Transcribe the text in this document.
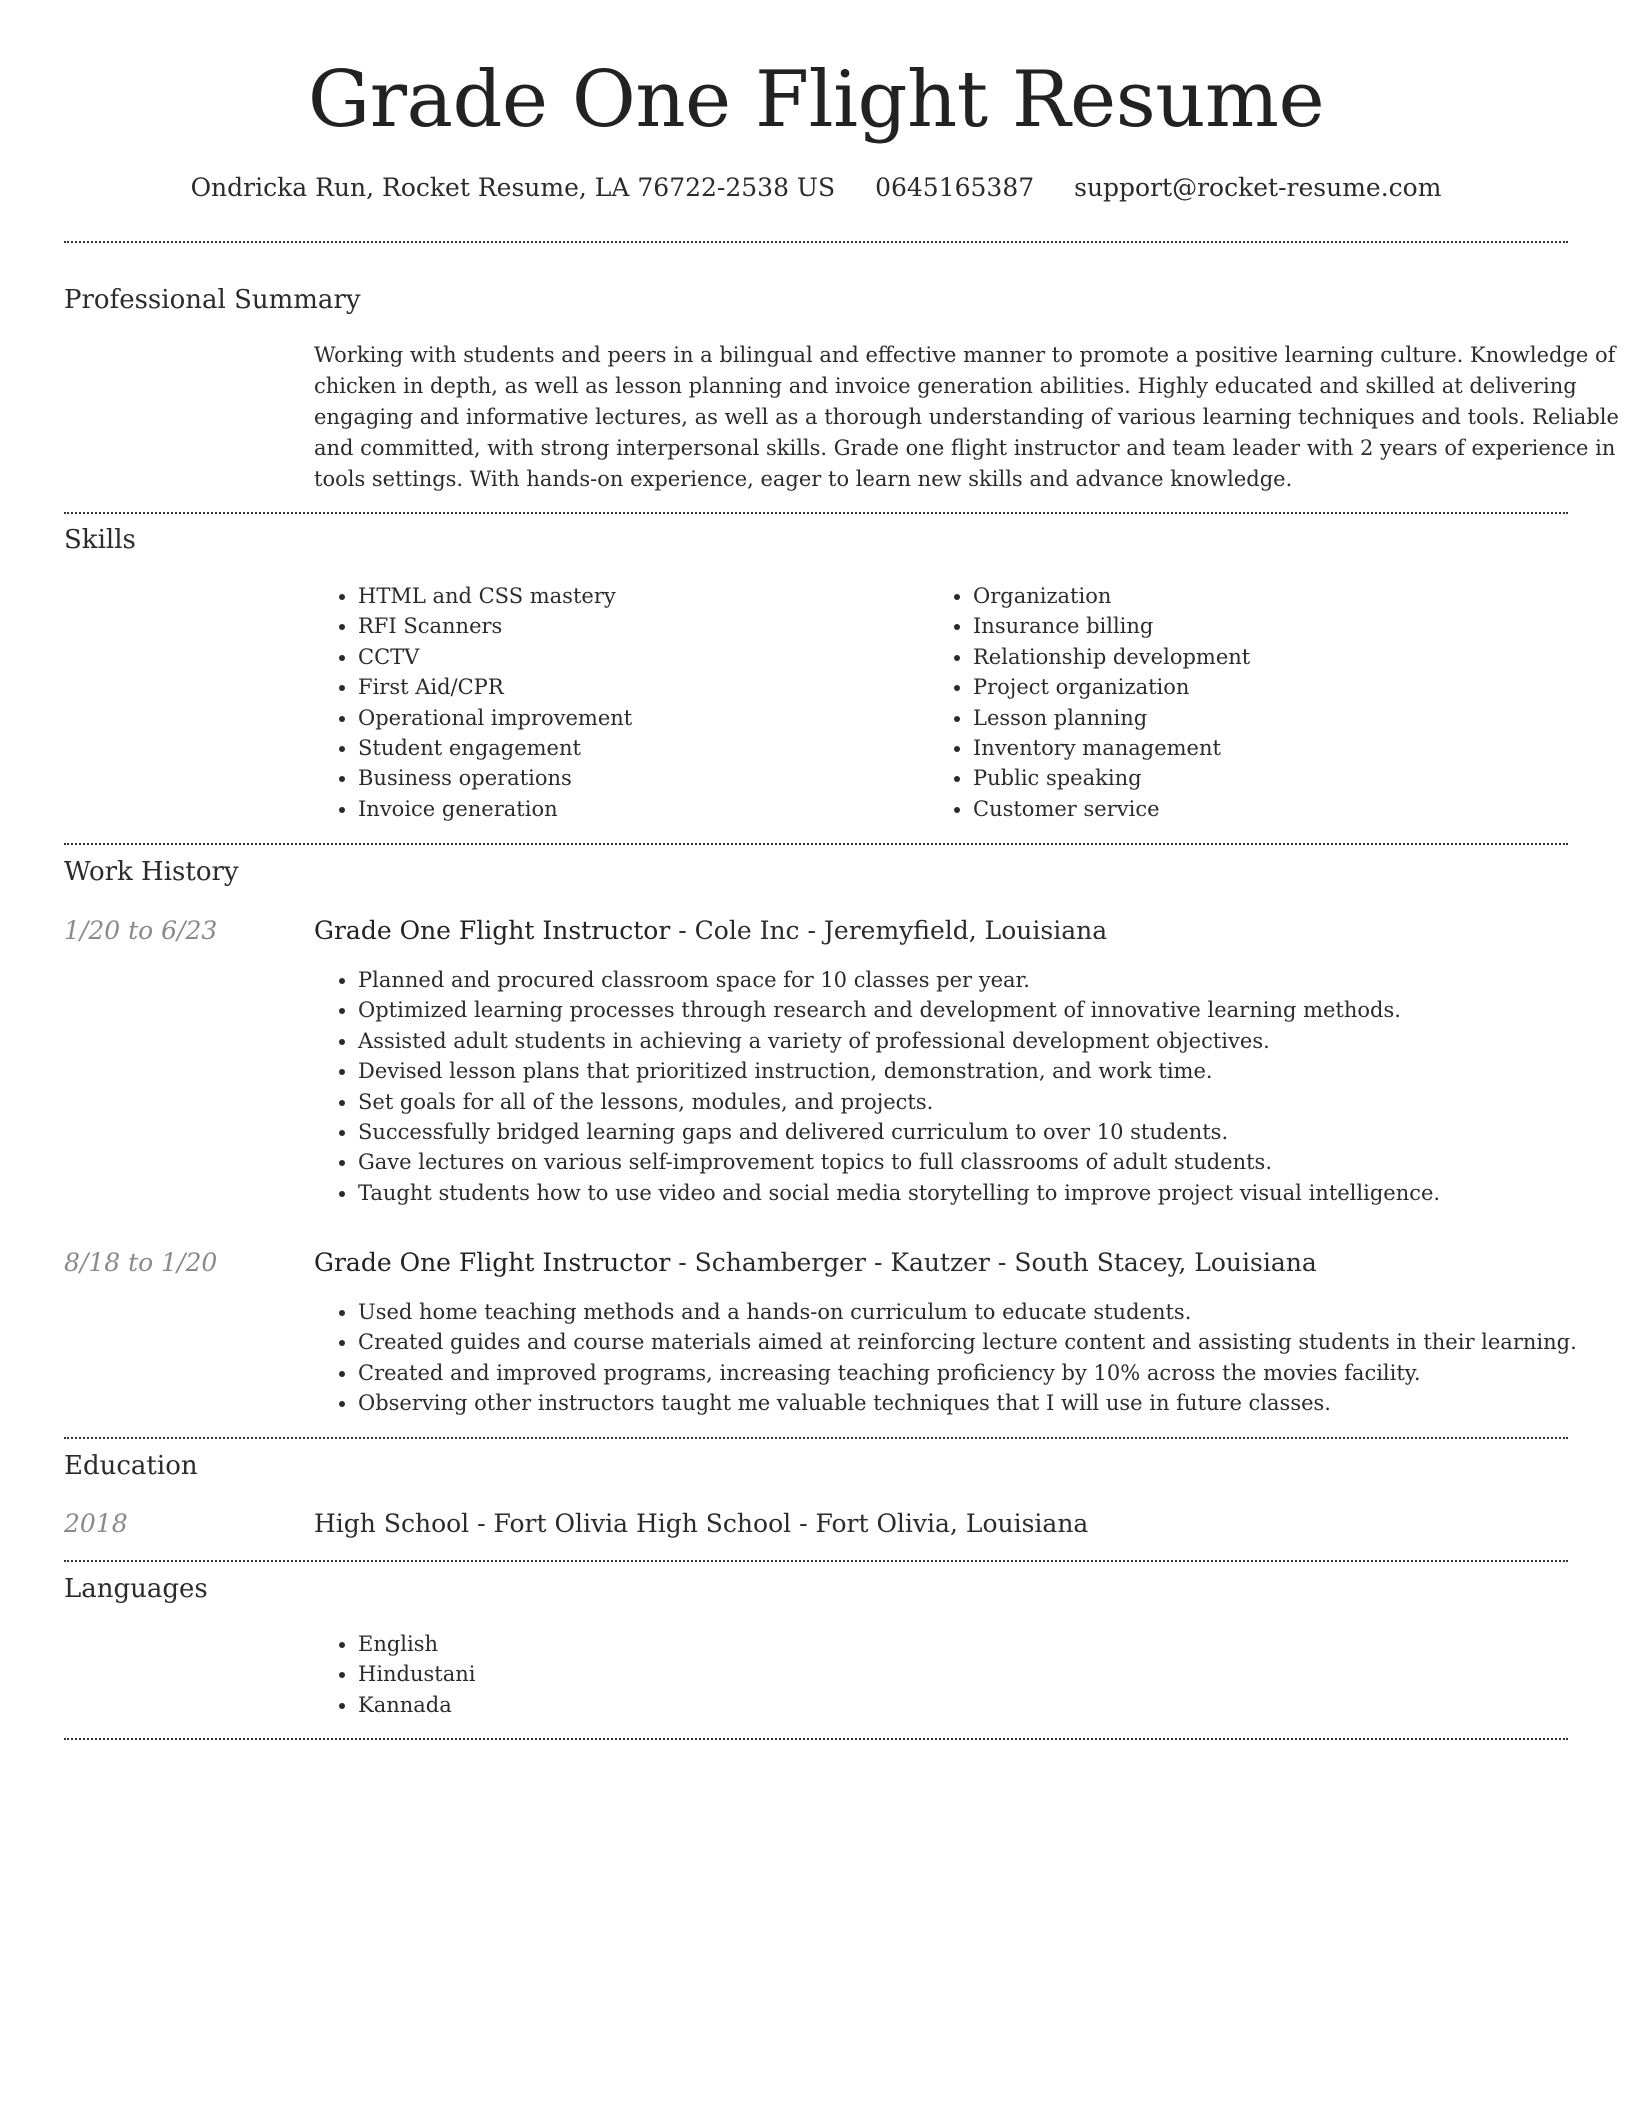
Grade One Flight Resume
Ondricka Run, Rocket Resume, LA 76722-2538 US 0645165387 support@rocket-resume.com
Professional Summary

Working with students and peers in a bilingual and effective manner to promote a positive learning culture. Knowledge of chicken in depth, as well as lesson planning and invoice generation abilities. Highly educated and skilled at delivering engaging and informative lectures, as well as a thorough understanding of various learning techniques and tools. Reliable and committed, with strong interpersonal skills. Grade one flight instructor and team leader with 2 years of experience in tools settings. With hands-on experience, eager to learn new skills and advance knowledge.

Skills
• HTML and CSS mastery
• RFI Scanners
• CCTV
• First Aid/CPR
• Operational improvement
• Student engagement
• Business operations
• Invoice generation
• Organization
• Insurance billing
• Relationship development
• Project organization
• Lesson planning
• Inventory management
• Public speaking
• Customer service
Work History
1/20 to 6/23	Grade One Flight Instructor - Cole Inc - Jeremyfield, Louisiana
• Planned and procured classroom space for 10 classes per year.
• Optimized learning processes through research and development of innovative learning methods.
• Assisted adult students in achieving a variety of professional development objectives.
• Devised lesson plans that prioritized instruction, demonstration, and work time.
• Set goals for all of the lessons, modules, and projects.
• Successfully bridged learning gaps and delivered curriculum to over 10 students.
• Gave lectures on various self-improvement topics to full classrooms of adult students.
• Taught students how to use video and social media storytelling to improve project visual intelligence.
8/18 to 1/20	Grade One Flight Instructor - Schamberger - Kautzer - South Stacey, Louisiana
• Used home teaching methods and a hands-on curriculum to educate students.
• Created guides and course materials aimed at reinforcing lecture content and assisting students in their learning.
• Created and improved programs, increasing teaching proficiency by 10% across the movies facility.
• Observing other instructors taught me valuable techniques that I will use in future classes.
Education
2018	High School - Fort Olivia High School - Fort Olivia, Louisiana
Languages
• English
• Hindustani
• Kannada
